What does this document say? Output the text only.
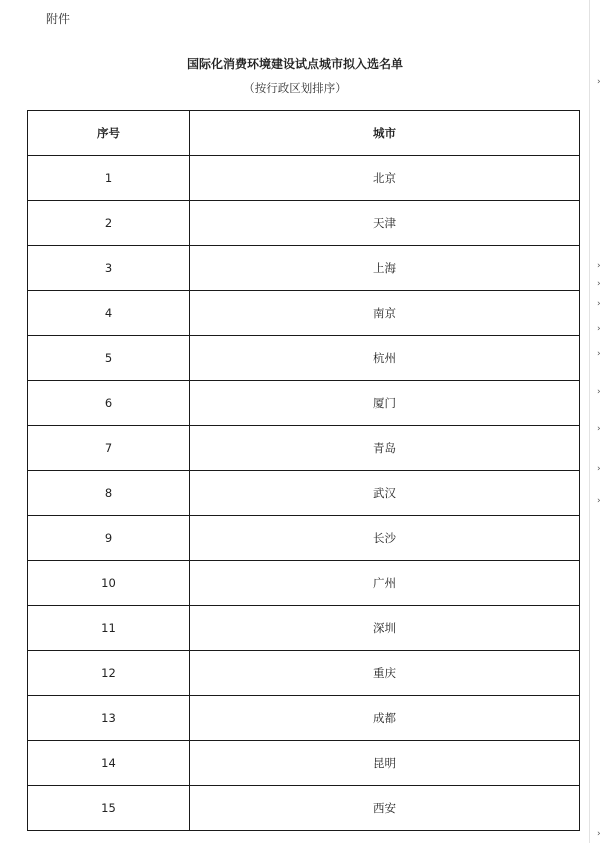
附件
国际化消费环境建设试点城市拟入选名单
（按行政区划排序）
序号	城市
1	北京
2	天津
3	上海
4	南京
5	杭州
6	厦门
7	青岛
8	武汉
9	长沙
10	广州
11	深圳
12	重庆
13	成都
14	昆明
15	西安
›
›
›
›
›
›
›
›
›
›
›
